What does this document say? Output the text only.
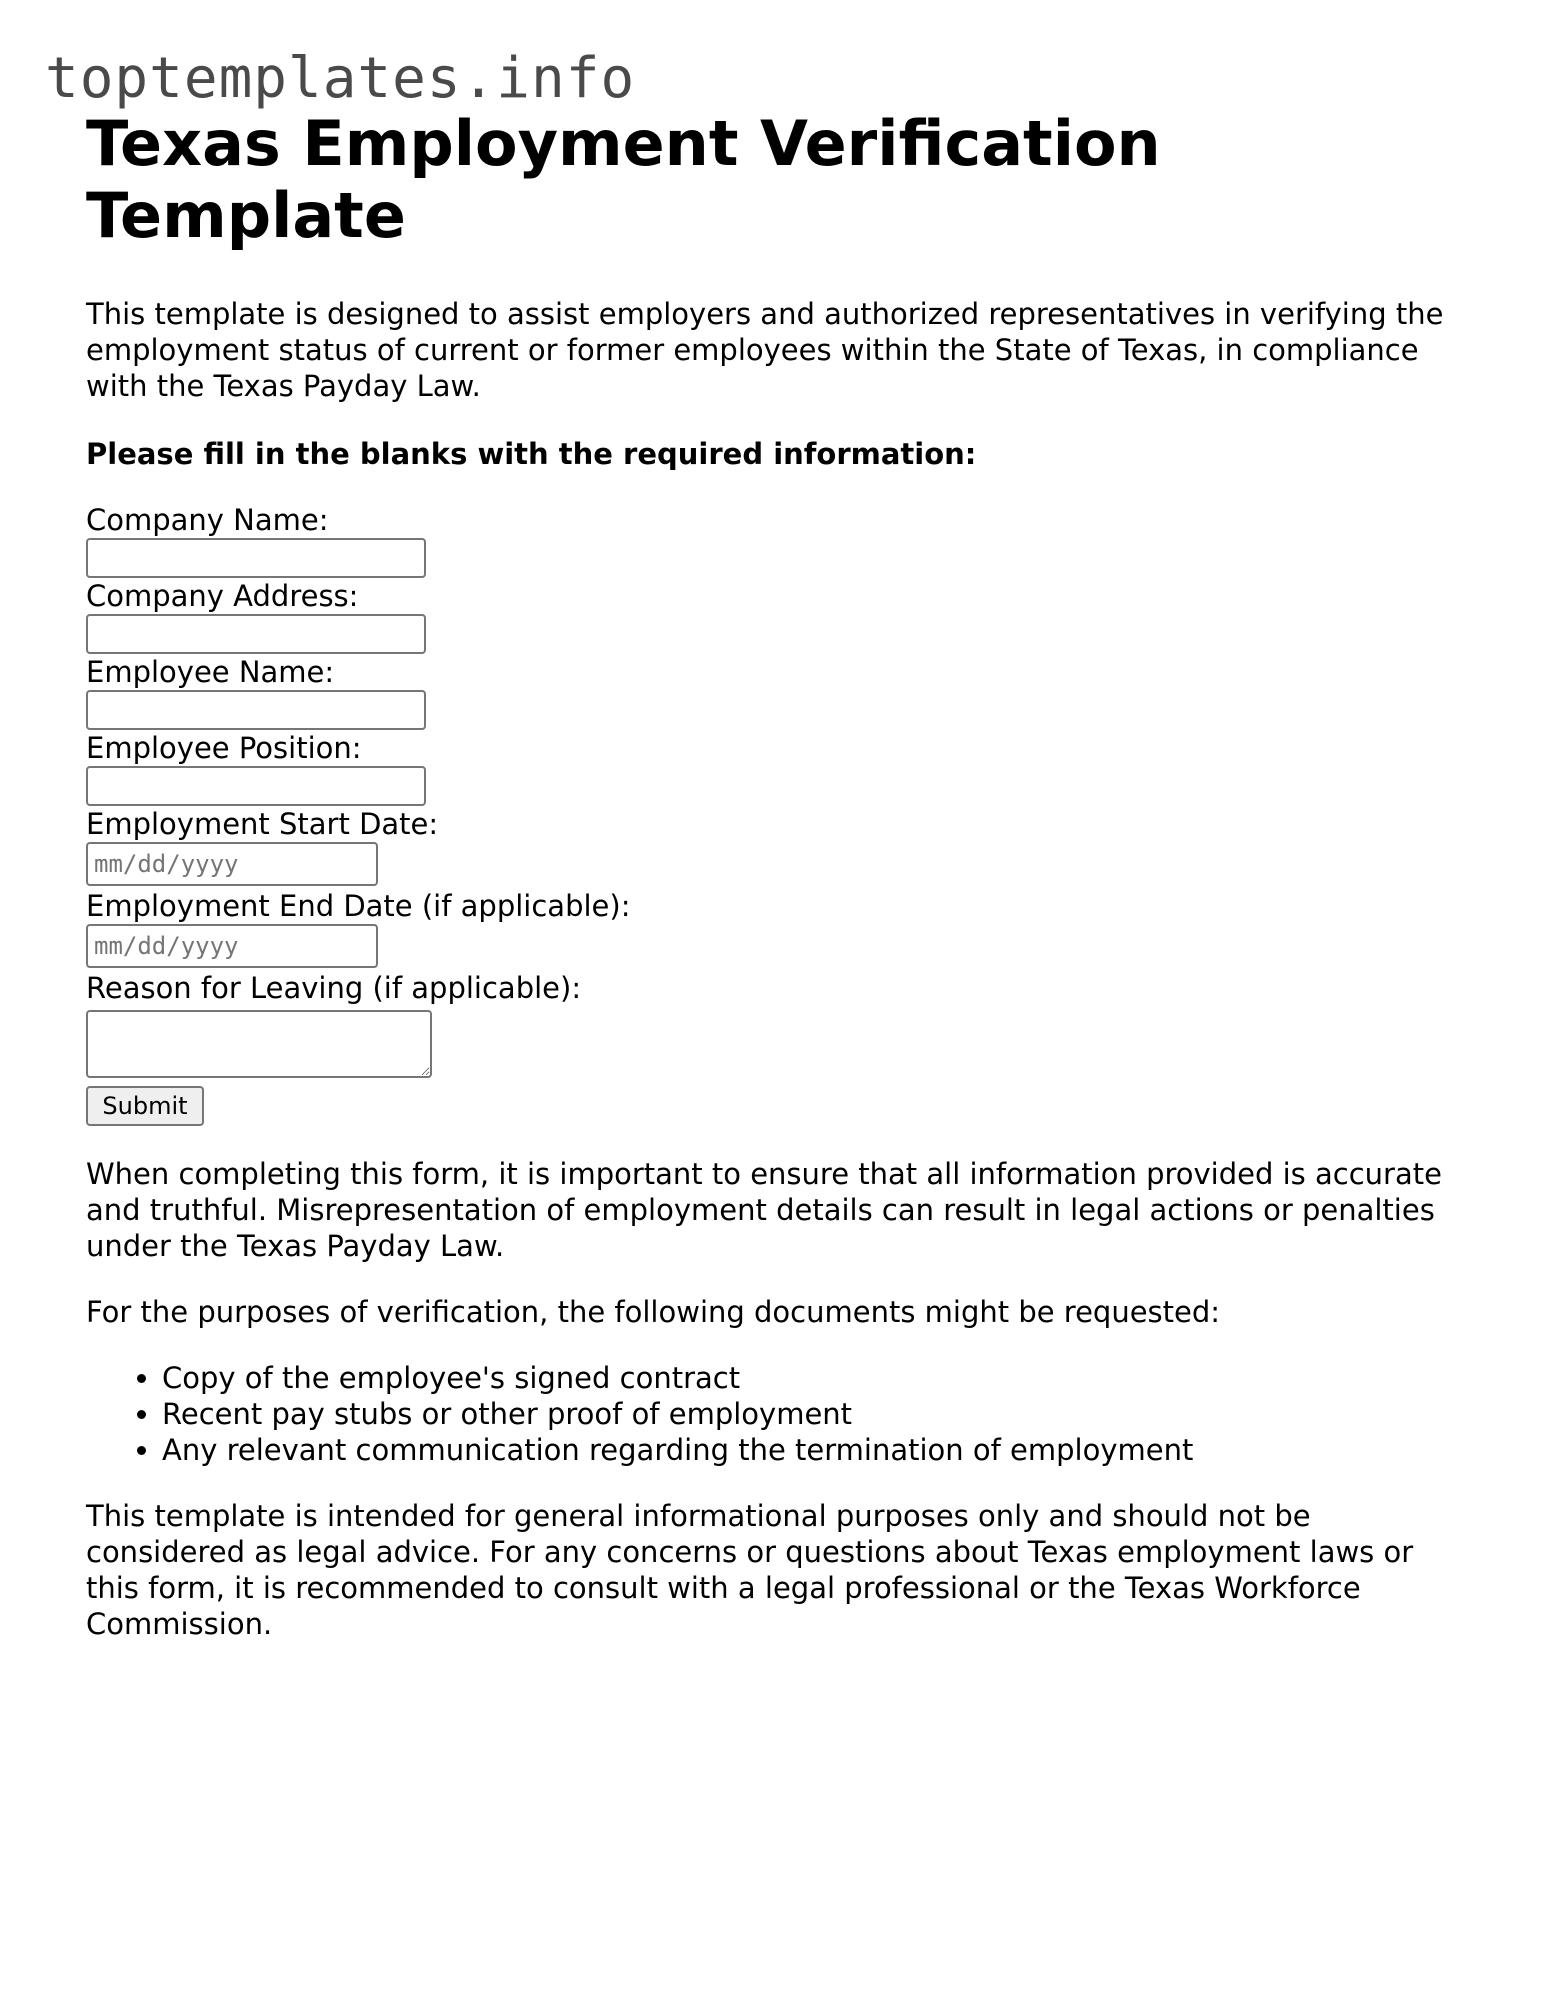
toptemplates.info
Texas Employment Verification Template

This template is designed to assist employers and authorized representatives in verifying the employment status of current or former employees within the State of Texas, in compliance with the Texas Payday Law.

Please fill in the blanks with the required information:

Company Name:
Company Address:
Employee Name:
Employee Position:
Employment Start Date:
mm/dd/yyyy
Employment End Date (if applicable):
mm/dd/yyyy
Reason for Leaving (if applicable):
Submit

When completing this form, it is important to ensure that all information provided is accurate and truthful. Misrepresentation of employment details can result in legal actions or penalties under the Texas Payday Law.

For the purposes of verification, the following documents might be requested:

• Copy of the employee's signed contract
• Recent pay stubs or other proof of employment
• Any relevant communication regarding the termination of employment

This template is intended for general informational purposes only and should not be considered as legal advice. For any concerns or questions about Texas employment laws or this form, it is recommended to consult with a legal professional or the Texas Workforce Commission.
